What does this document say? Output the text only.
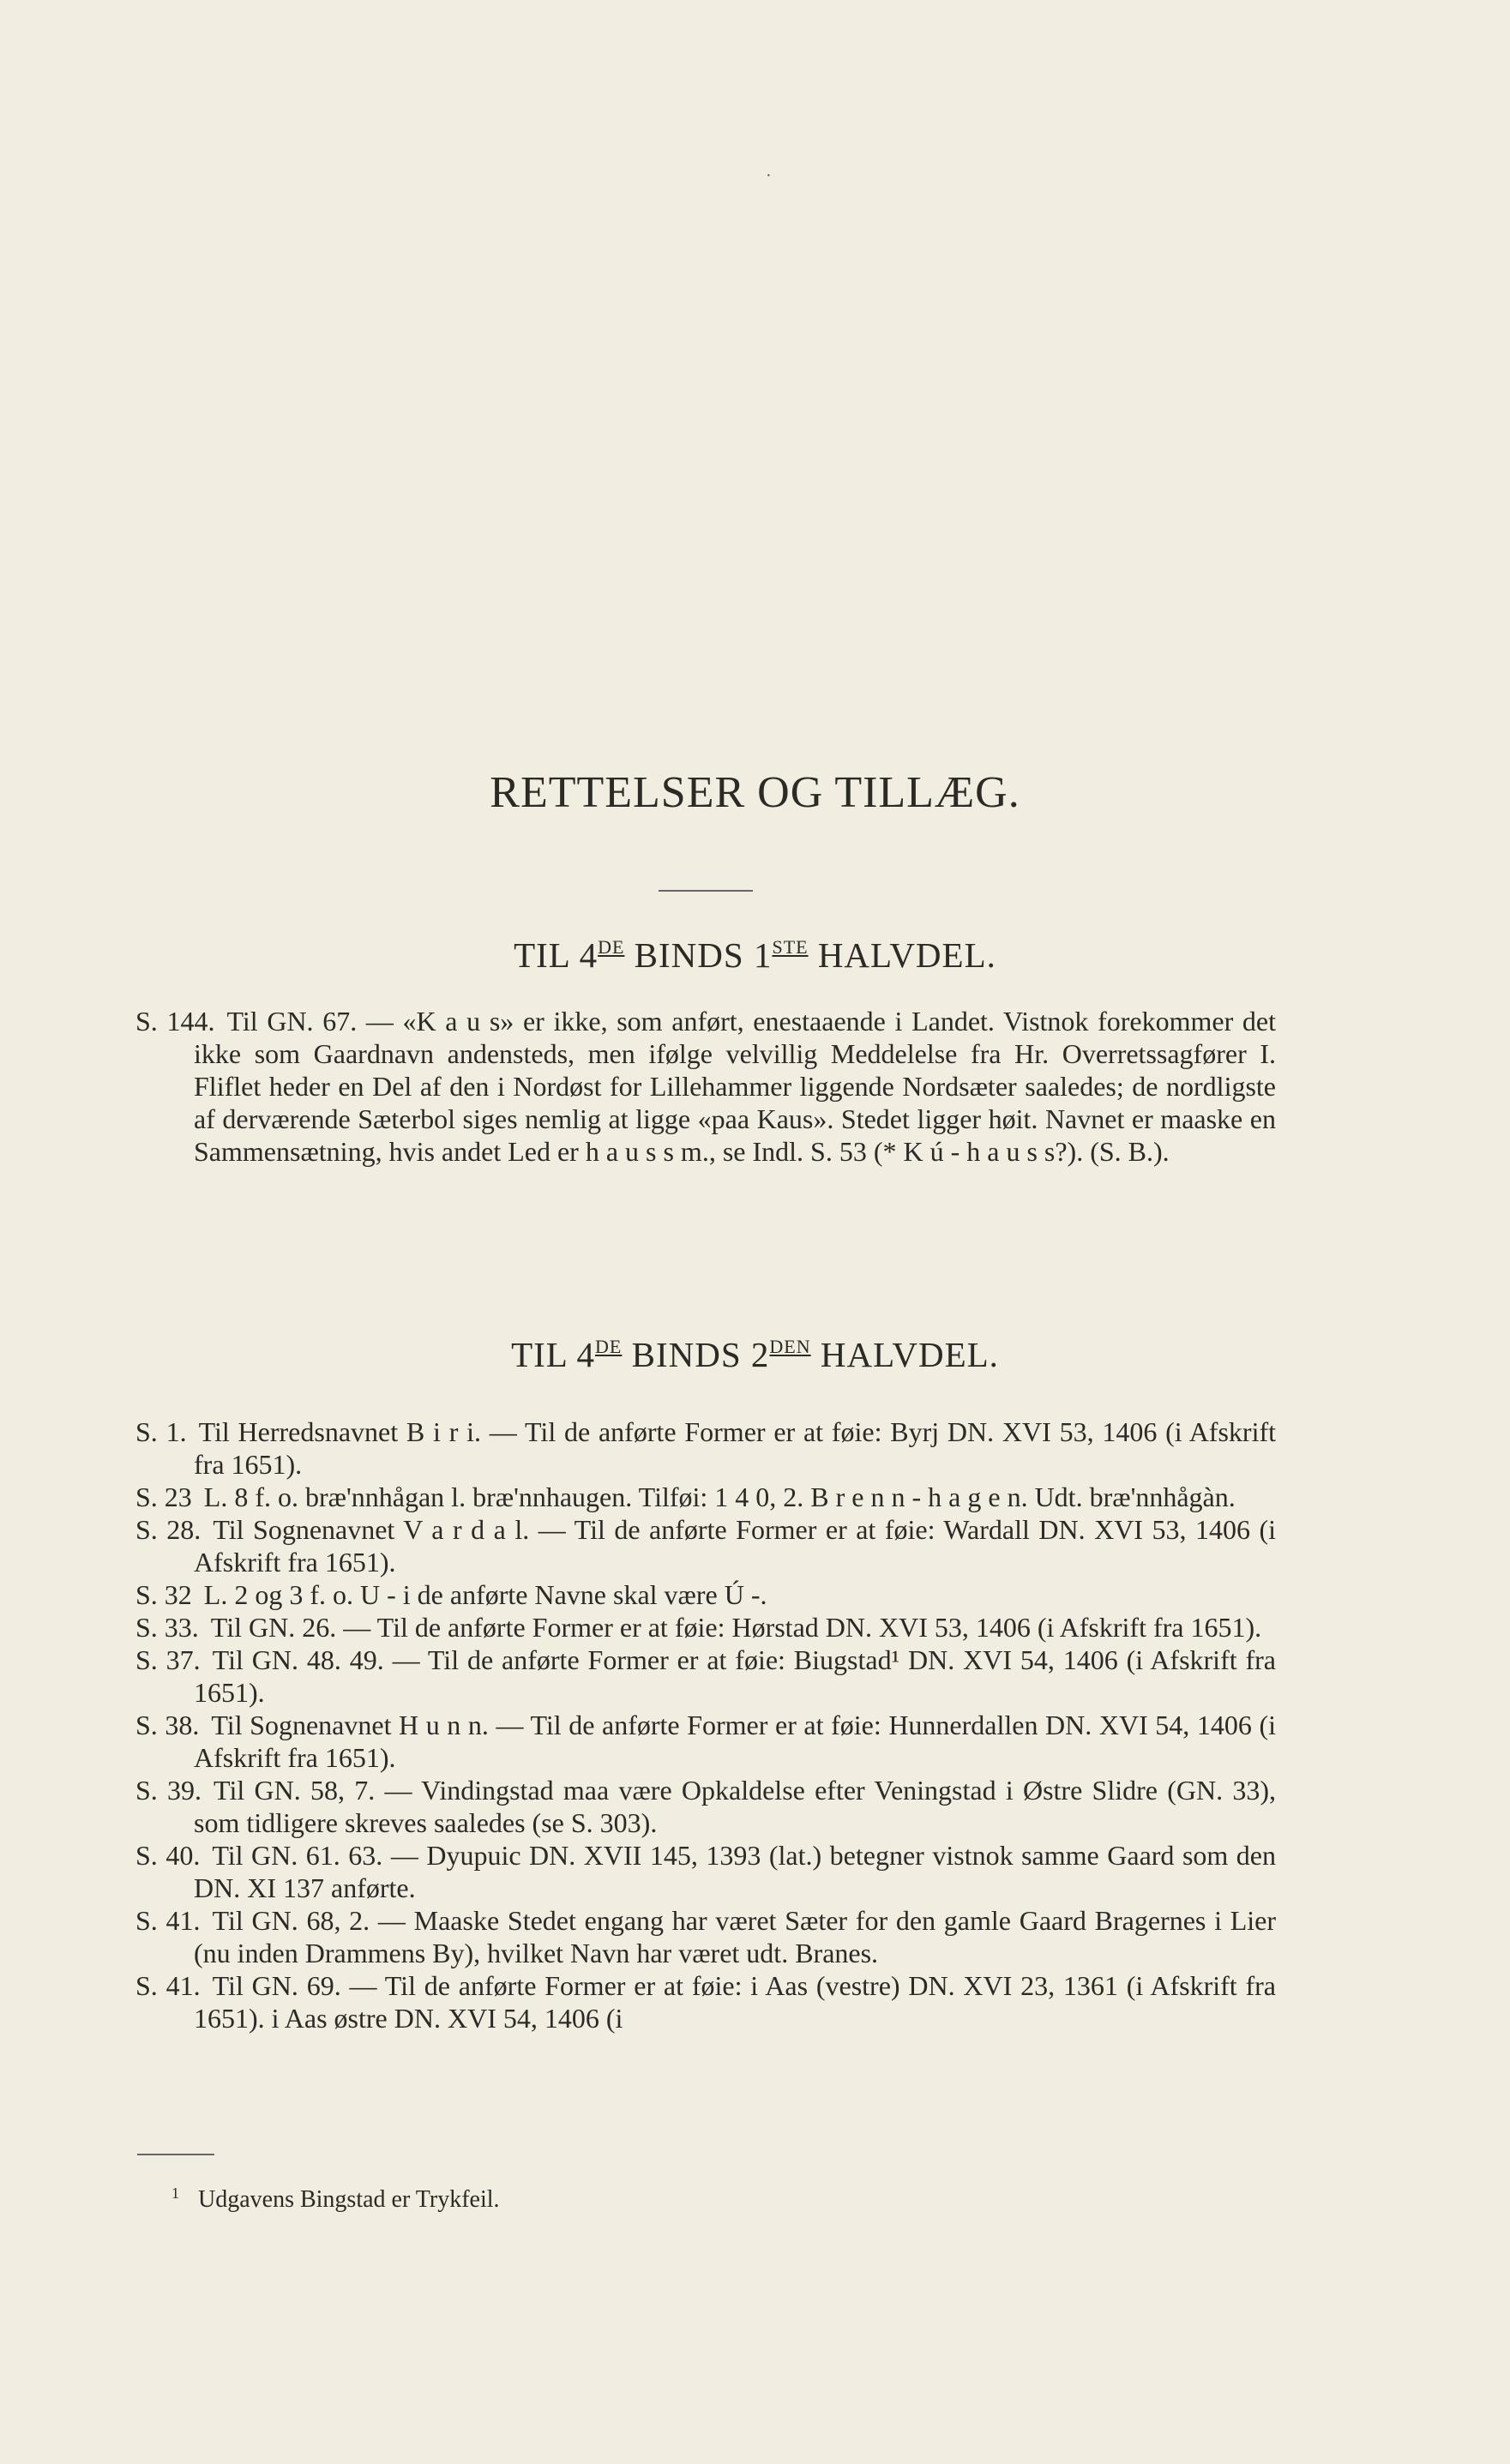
·
RETTELSER OG TILLÆG.
TIL 4DE BINDS 1STE HALVDEL.

S. 144. Til GN. 67. — «K a u s» er ikke, som anført, enestaaende i Landet. Vistnok forekommer det ikke som Gaardnavn andensteds, men ifølge velvillig Meddelelse fra Hr. Overretssagfører I. Fliflet heder en Del af den i Nordøst for Lillehammer liggende Nordsæter saaledes; de nordligste af derværende Sæterbol siges nemlig at ligge «paa Kaus». Stedet ligger høit. Navnet er maaske en Sammensætning, hvis andet Led er h a u s s m., se Indl. S. 53 (* K ú - h a u s s?). (S. B.).

TIL 4DE BINDS $2^{DEN}$ HALVDEL.

S. 1. Til Herredsnavnet B i r i. — Til de anførte Former er at føie: Byrj DN. XVI 53, 1406 (i Afskrift fra 1651).

S. 23 L. 8 f. o. bræ'nnhågan l. bræ'nnhaugen. Tilføi: 1 4 0, 2. B r e n n - h a g e n. Udt. bræ'nnhågàn.

S. 28. Til Sognenavnet V a r d a l. — Til de anførte Former er at føie: Wardall DN. XVI 53, 1406 (i Afskrift fra 1651).

S. 32 L. 2 og 3 f. o. U - i de anførte Navne skal være Ú -.

S. 33. Til GN. 26. — Til de anførte Former er at føie: Hørstad DN. XVI 53, 1406 (i Afskrift fra 1651).

S. 37. Til GN. 48. 49. — Til de anførte Former er at føie: Biugstad¹ DN. XVI 54, 1406 (i Afskrift fra 1651).

S. 38. Til Sognenavnet H u n n. — Til de anførte Former er at føie: Hunnerdallen DN. XVI 54, 1406 (i Afskrift fra 1651).

S. 39. Til GN. 58, 7. — Vindingstad maa være Opkaldelse efter Veningstad i Østre Slidre (GN. 33), som tidligere skreves saaledes (se S. 303).

S. 40. Til GN. 61. 63. — Dyupuic DN. XVII 145, 1393 (lat.) betegner vistnok samme Gaard som den DN. XI 137 anførte.

S. 41. Til GN. 68, 2. — Maaske Stedet engang har været Sæter for den gamle Gaard Bragernes i Lier (nu inden Drammens By), hvilket Navn har været udt. Branes.

S. 41. Til GN. 69. — Til de anførte Former er at føie: i Aas (vestre) DN. XVI 23, 1361 (i Afskrift fra 1651). i Aas østre DN. XVI 54, 1406 (i

$^1$ Udgavens Bingstad er Trykfeil.
